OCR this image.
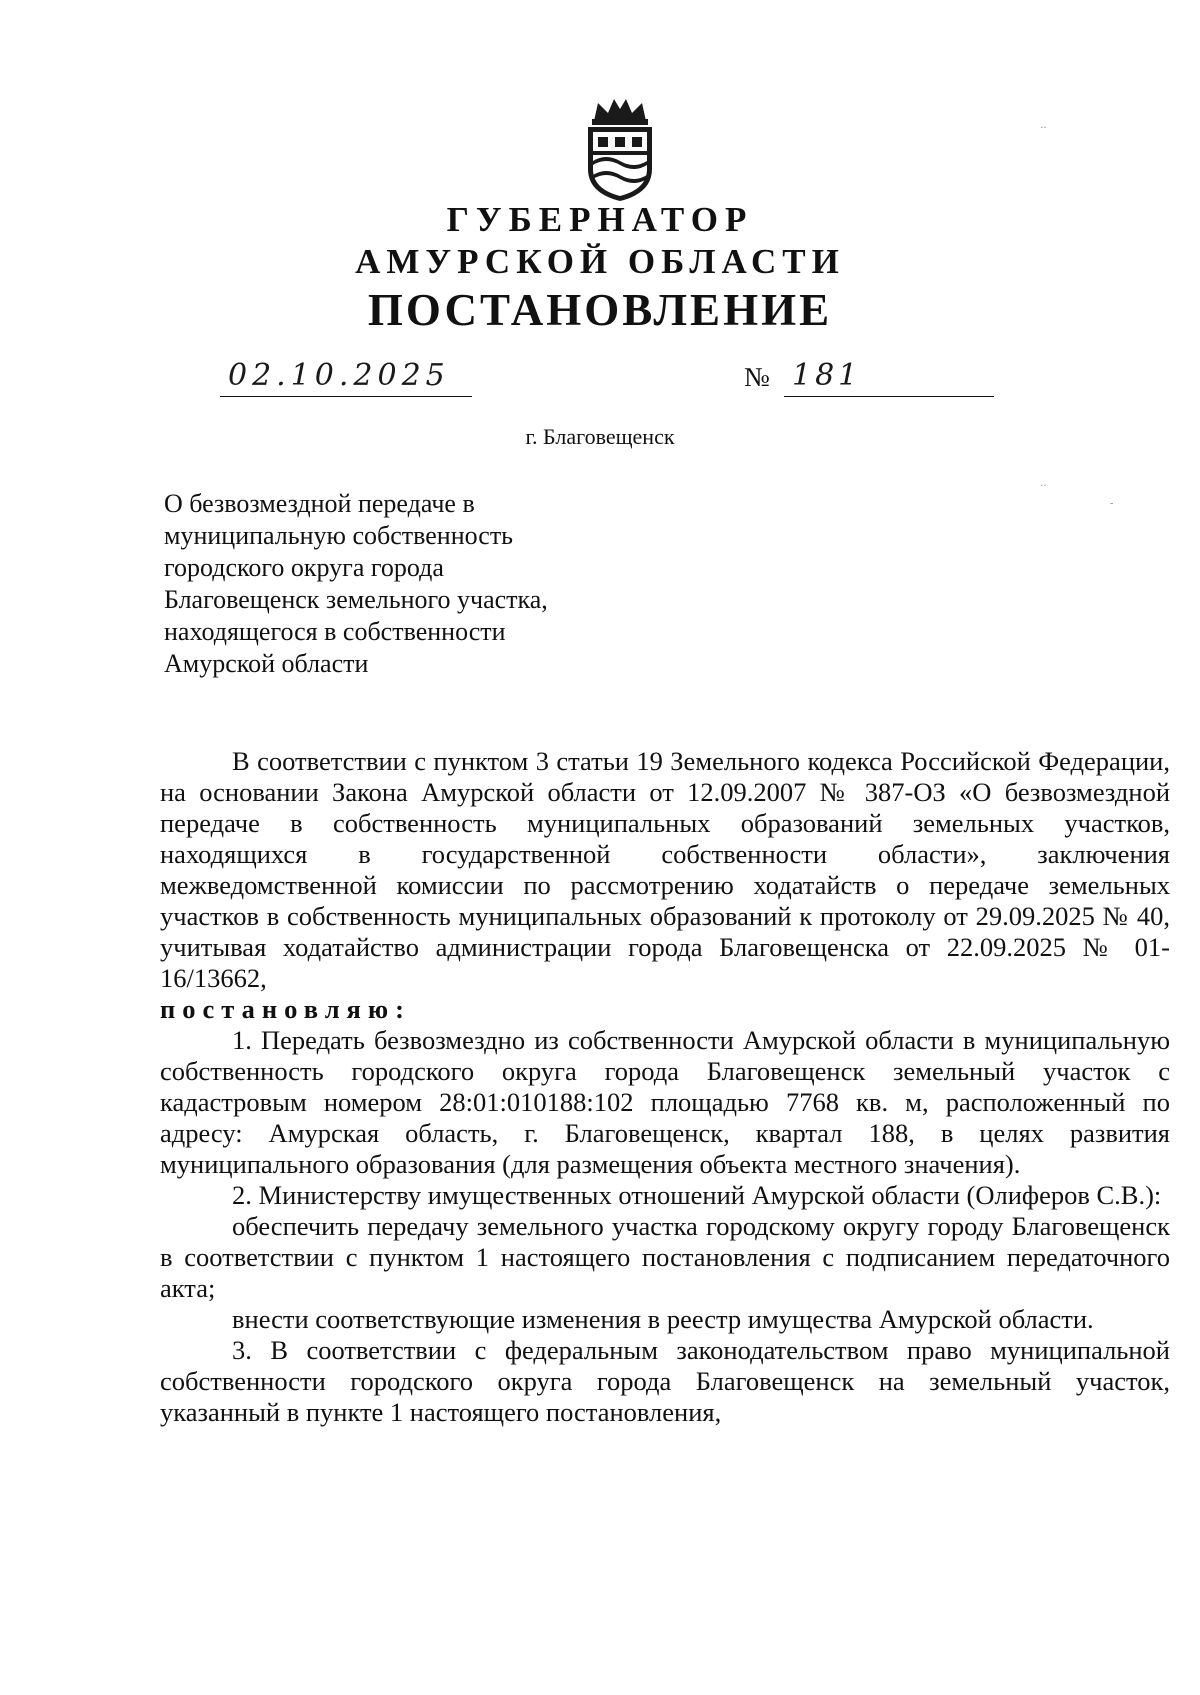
ГУБЕРНАТОР
АМУРСКОЙ ОБЛАСТИ
ПОСТАНОВЛЕНИЕ
02.10.2025	№ 181
г. Благовещенск
О безвозмездной передаче в
муниципальную собственность
городского округа города
Благовещенск земельного участка,
находящегося в собственности
Амурской области

В соответствии с пунктом 3 статьи 19 Земельного кодекса Российской Федерации, на основании Закона Амурской области от 12.09.2007 № 387-ОЗ «О безвозмездной передаче в собственность муниципальных образований земельных участков, находящихся в государственной собственности области», заключения межведомственной комиссии по рассмотрению ходатайств о передаче земельных участков в собственность муниципальных образований к протоколу от 29.09.2025 № 40, учитывая ходатайство администрации города Благовещенска от 22.09.2025 № 01-16/13662,

постановляю:

1. Передать безвозмездно из собственности Амурской области в муниципальную собственность городского округа города Благовещенск земельный участок с кадастровым номером 28:01:010188:102 площадью 7768 кв. м, расположенный по адресу: Амурская область, г. Благовещенск, квартал 188, в целях развития муниципального образования (для размещения объекта местного значения).

2. Министерству имущественных отношений Амурской области (Олиферов С.В.):

обеспечить передачу земельного участка городскому округу городу Благовещенск в соответствии с пунктом 1 настоящего постановления с подписанием передаточного акта;

внести соответствующие изменения в реестр имущества Амурской области.

3. В соответствии с федеральным законодательством право муниципальной собственности городского округа города Благовещенск на земельный участок, указанный в пункте 1 настоящего постановления,

‥
‥
-
